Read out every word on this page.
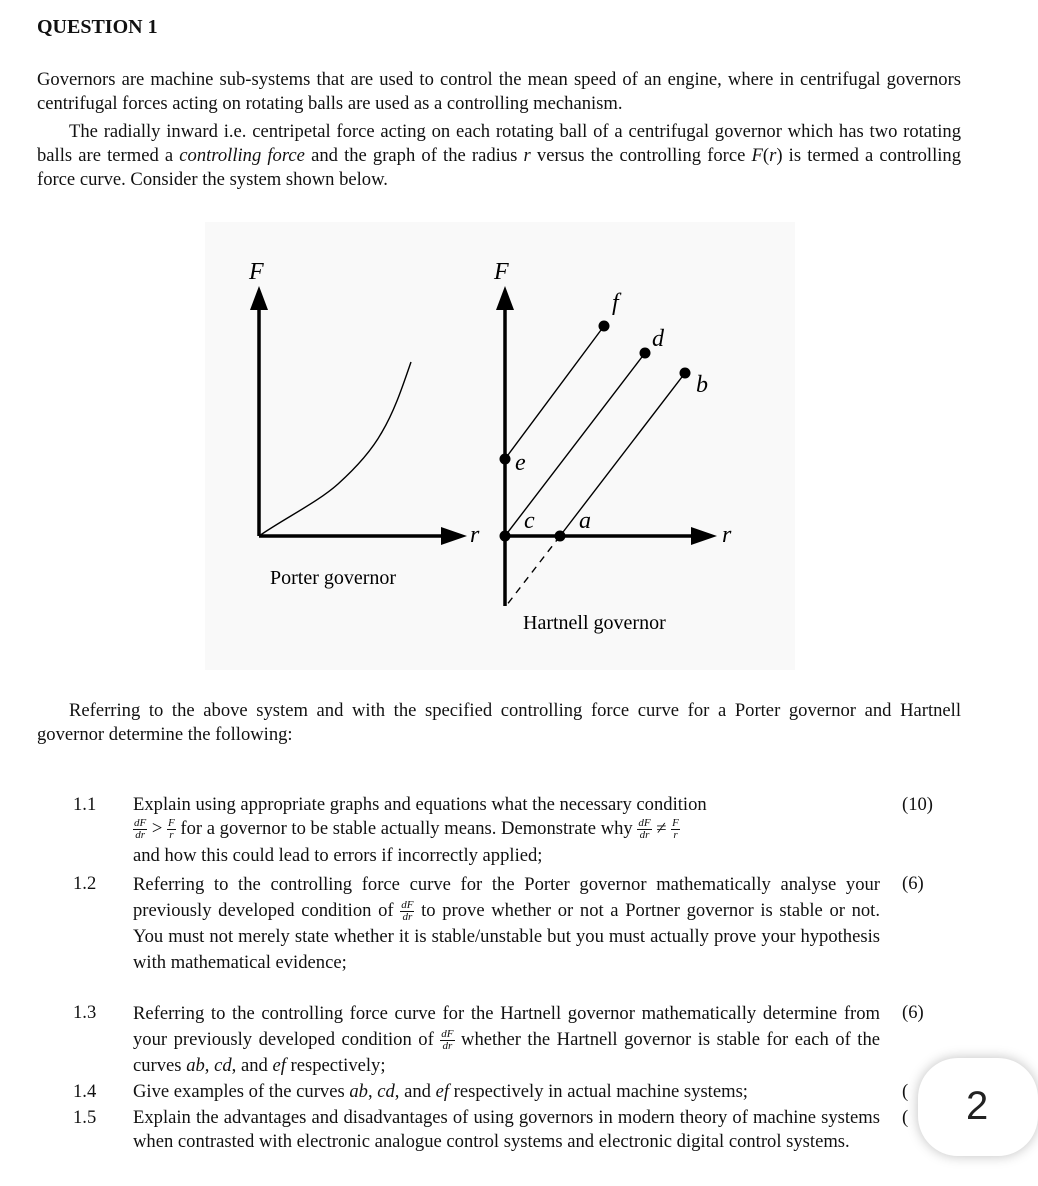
QUESTION 1

Governors are machine sub-systems that are used to control the mean speed of an engine, where in centrifugal governors centrifugal forces acting on rotating balls are used as a controlling mechanism.

The radially inward i.e. centripetal force acting on each rotating ball of a centrifugal governor which has two rotating balls are termed a controlling force and the graph of the radius r versus the controlling force F(r) is termed a controlling force curve. Consider the system shown below.

F
r
Porter governor
F
r
f
d
b
e
c a
Hartnell governor

Referring to the above system and with the specified controlling force curve for a Porter governor and Hartnell governor determine the following:

1.1 Explain using appropriate graphs and equations what the necessary condition

$\frac{dF}{dr} > \frac{F}{r}$ for a governor to be stable actually means. Demonstrate why $\frac{dF}{dr} \ne \frac{F}{r}$

and how this could lead to errors if incorrectly applied;

(10)
1.2 Referring to the controlling force curve for the Porter governor mathematically analyse your previously developed condition of $\frac{dF}{dr}$ to prove whether or not a Portner governor is stable or not. You must not merely state whether it is stable/unstable but you must actually prove your hypothesis with mathematical evidence;

(6)
1.3 Referring to the controlling force curve for the Hartnell governor mathematically determine from your previously developed condition of $\frac{dF}{dr}$ whether the Hartnell governor is stable for each of the curves ab, cd, and ef respectively;

(6)
1.4 Give examples of the curves ab, cd, and ef respectively in actual machine systems;	(
1.5 Explain the advantages and disadvantages of using governors in modern theory of machine systems when contrasted with electronic analogue control systems and electronic digital control systems.

( 2
